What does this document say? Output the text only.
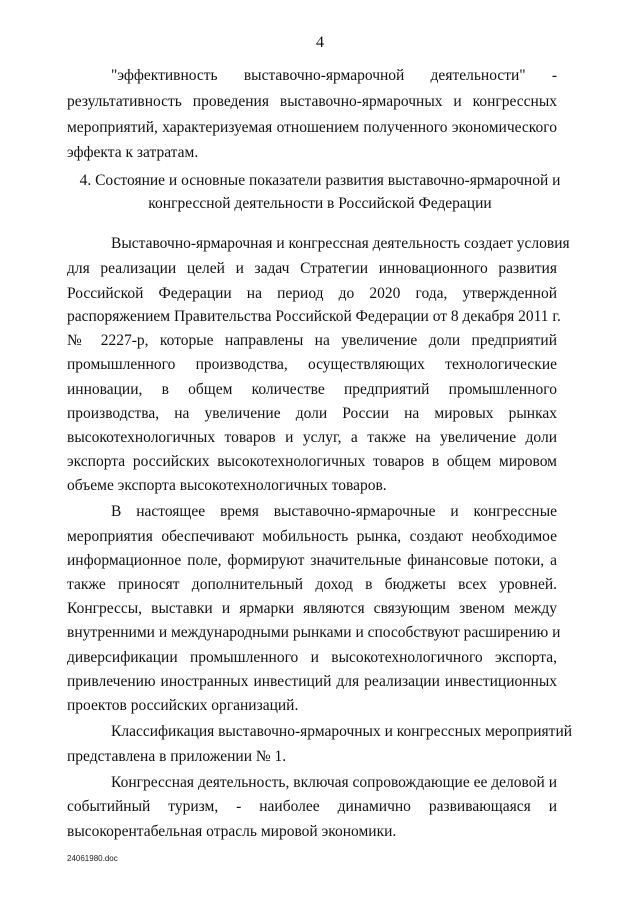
4
"эффективность выставочно-ярмарочной деятельности" -
результативность проведения выставочно-ярмарочных и конгрессных
мероприятий, характеризуемая отношением полученного экономического
эффекта к затратам.
4. Состояние и основные показатели развития выставочно-ярмарочной и
конгрессной деятельности в Российской Федерации
Выставочно-ярмарочная и конгрессная деятельность создает условия
для реализации целей и задач Стратегии инновационного развития
Российской Федерации на период до 2020 года, утвержденной
распоряжением Правительства Российской Федерации от 8 декабря 2011 г.
№ 2227-р, которые направлены на увеличение доли предприятий
промышленного производства, осуществляющих технологические
инновации, в общем количестве предприятий промышленного
производства, на увеличение доли России на мировых рынках
высокотехнологичных товаров и услуг, а также на увеличение доли
экспорта российских высокотехнологичных товаров в общем мировом
объеме экспорта высокотехнологичных товаров.
В настоящее время выставочно-ярмарочные и конгрессные
мероприятия обеспечивают мобильность рынка, создают необходимое
информационное поле, формируют значительные финансовые потоки, а
также приносят дополнительный доход в бюджеты всех уровней.
Конгрессы, выставки и ярмарки являются связующим звеном между
внутренними и международными рынками и способствуют расширению и
диверсификации промышленного и высокотехнологичного экспорта,
привлечению иностранных инвестиций для реализации инвестиционных
проектов российских организаций.
Классификация выставочно-ярмарочных и конгрессных мероприятий
представлена в приложении № 1.
Конгрессная деятельность, включая сопровождающие ее деловой и
событийный туризм, - наиболее динамично развивающаяся и
высокорентабельная отрасль мировой экономики.
24061980.doc
